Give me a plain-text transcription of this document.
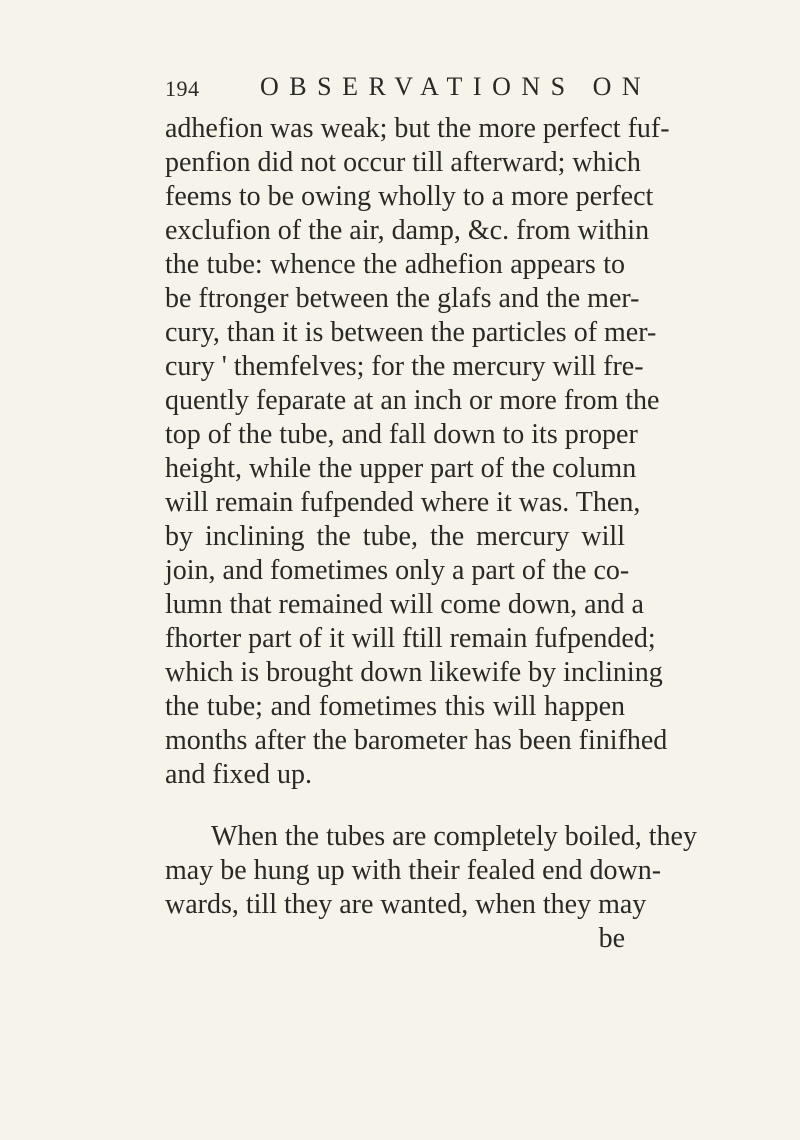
194 OBSERVATIONS ON
adhefion was weak; but the more perfect fuf-
penfion did not occur till afterward; which
feems to be owing wholly to a more perfect
exclufion of the air, damp, &c. from within
the tube: whence the adhefion appears to
be ftronger between the glafs and the mer-
cury, than it is between the particles of mer-
cury ' themfelves; for the mercury will fre-
quently feparate at an inch or more from the
top of the tube, and fall down to its proper
height, while the upper part of the column
will remain fufpended where it was. Then,
by inclining the tube, the mercury will
join, and fometimes only a part of the co-
lumn that remained will come down, and a
fhorter part of it will ftill remain fufpended;
which is brought down likewife by inclining
the tube; and fometimes this will happen
months after the barometer has been finifhed
and fixed up.
When the tubes are completely boiled, they
may be hung up with their fealed end down-
wards, till they are wanted, when they may
be
